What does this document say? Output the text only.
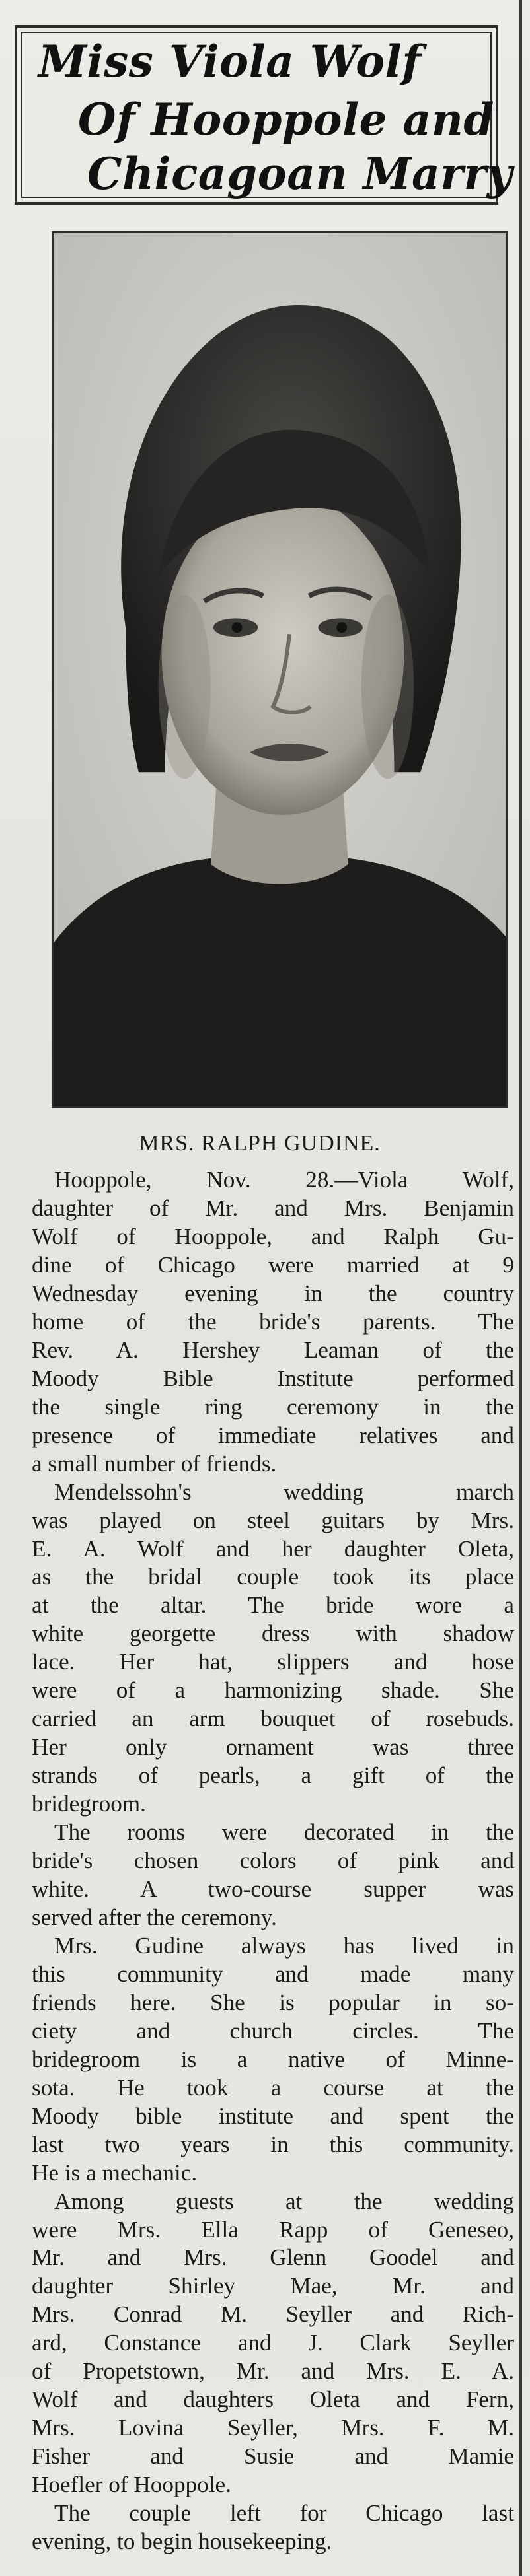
Miss Viola Wolf
Of Hooppole and
Chicagoan Marry
MRS. RALPH GUDINE.
Hooppole, Nov. 28.—Viola Wolf,
daughter of Mr. and Mrs. Benjamin
Wolf of Hooppole, and Ralph Gu-
dine of Chicago were married at 9
Wednesday evening in the country
home of the bride's parents. The
Rev. A. Hershey Leaman of the
Moody Bible Institute performed
the single ring ceremony in the
presence of immediate relatives and
a small number of friends.
Mendelssohn's wedding march
was played on steel guitars by Mrs.
E. A. Wolf and her daughter Oleta,
as the bridal couple took its place
at the altar. The bride wore a
white georgette dress with shadow
lace. Her hat, slippers and hose
were of a harmonizing shade. She
carried an arm bouquet of rosebuds.
Her only ornament was three
strands of pearls, a gift of the
bridegroom.
The rooms were decorated in the
bride's chosen colors of pink and
white. A two-course supper was
served after the ceremony.
Mrs. Gudine always has lived in
this community and made many
friends here. She is popular in so-
ciety and church circles. The
bridegroom is a native of Minne-
sota. He took a course at the
Moody bible institute and spent the
last two years in this community.
He is a mechanic.
Among guests at the wedding
were Mrs. Ella Rapp of Geneseo,
Mr. and Mrs. Glenn Goodel and
daughter Shirley Mae, Mr. and
Mrs. Conrad M. Seyller and Rich-
ard, Constance and J. Clark Seyller
of Propetstown, Mr. and Mrs. E. A.
Wolf and daughters Oleta and Fern,
Mrs. Lovina Seyller, Mrs. F. M.
Fisher and Susie and Mamie
Hoefler of Hooppole.
The couple left for Chicago last
evening, to begin housekeeping.
